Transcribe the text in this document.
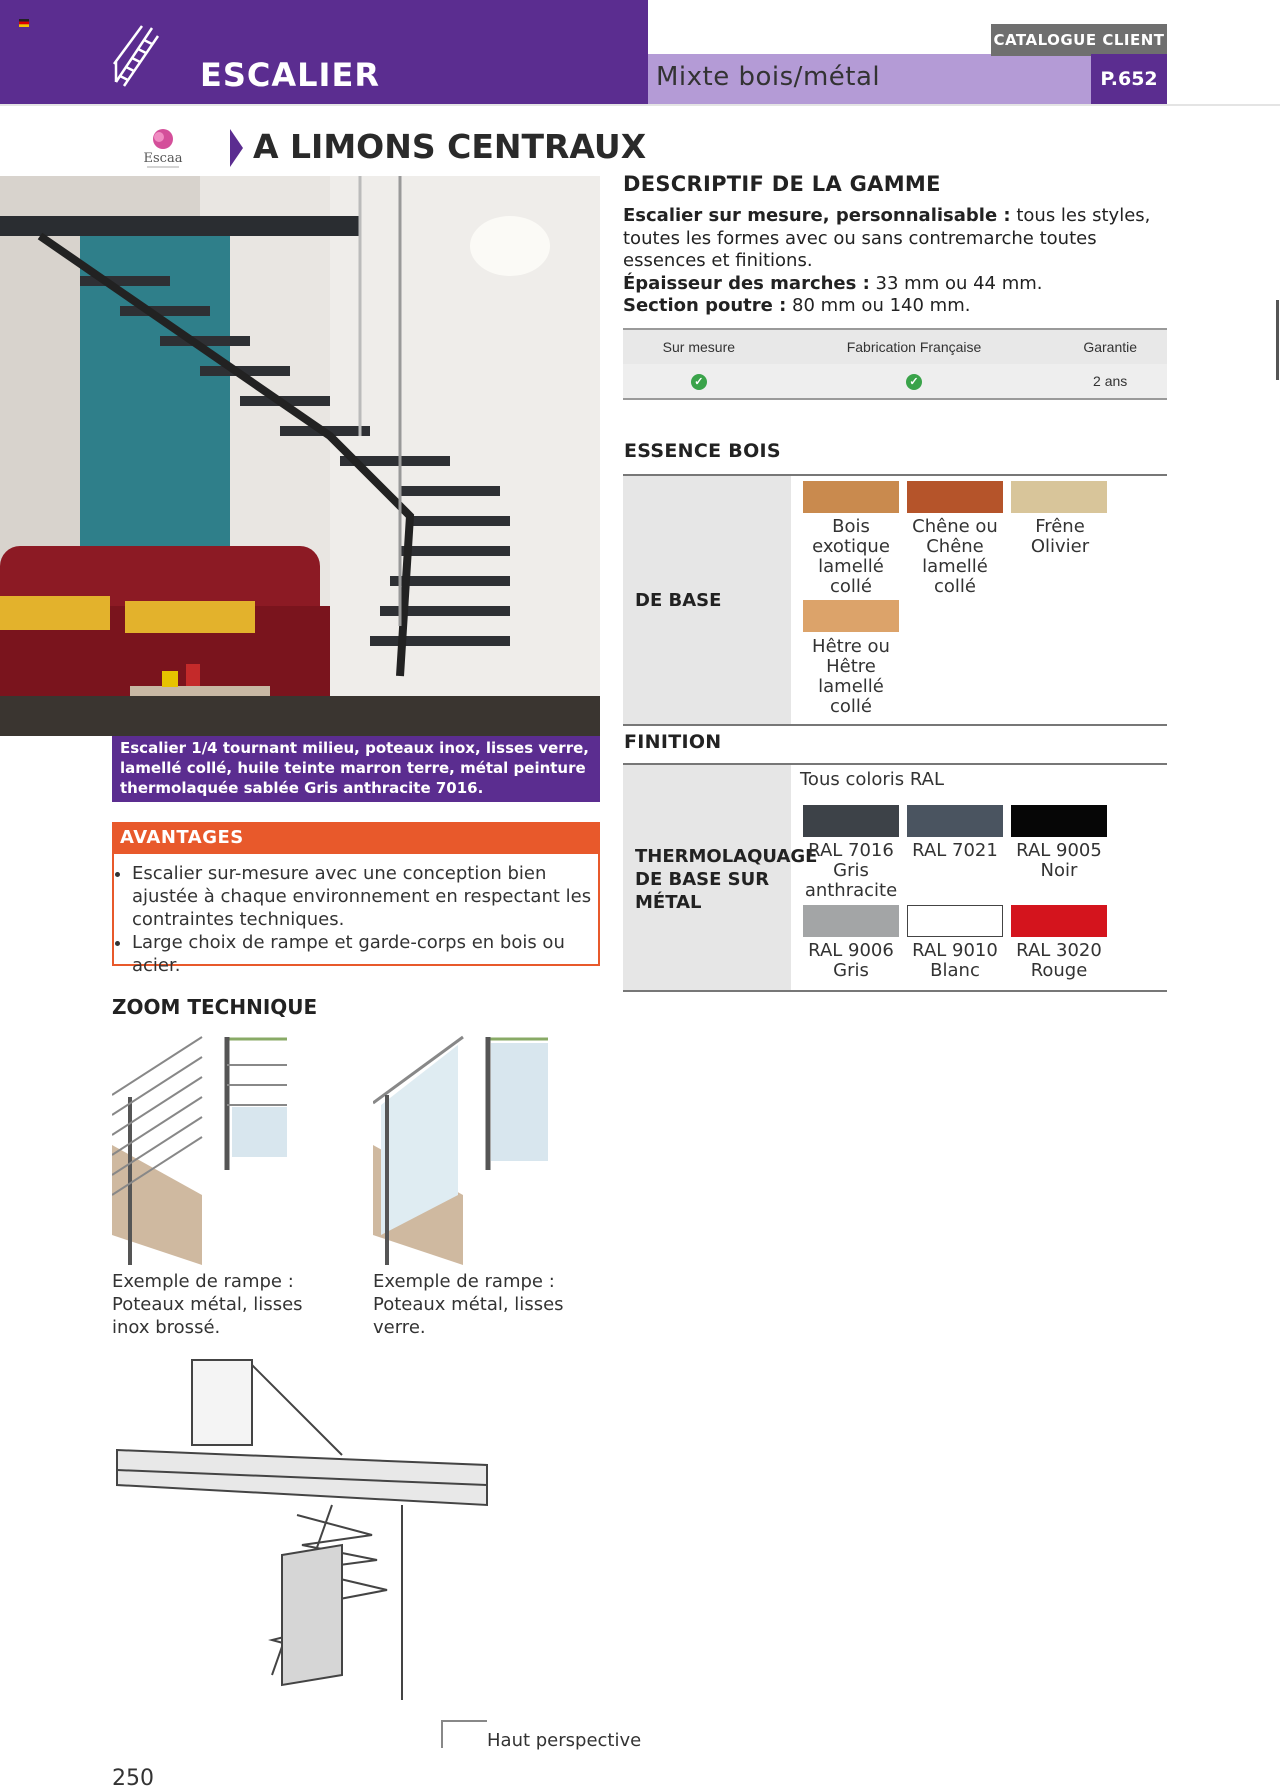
ESCALIER	Mixte bois/métal
CATALOGUE CLIENT
P.652
Escaa A LIMONS CENTRAUX
Escalier 1/4 tournant milieu, poteaux inox, lisses verre, lamellé collé, huile teinte marron terre, métal peinture thermolaquée sablée Gris anthracite 7016.
AVANTAGES
• Escalier sur-mesure avec une conception bien ajustée à chaque environnement en respectant les contraintes techniques.
• Large choix de rampe et garde-corps en bois ou acier.
ZOOM TECHNIQUE
Exemple de rampe : Poteaux métal, lisses inox brossé.
Exemple de rampe : Poteaux métal, lisses verre.
Haut perspective
250
DESCRIPTIF DE LA GAMME
Escalier sur mesure, personnalisable : tous les styles, toutes les formes avec ou sans contremarche toutes essences et finitions.
Épaisseur des marches : 33 mm ou 44 mm.
Section poutre : 80 mm ou 140 mm.
Sur mesure	Fabrication Française	Garantie
✓	✓	2 ans
ESSENCE BOIS
DE BASE
Bois exotique lamellé collé
Chêne ou Chêne lamellé collé
Frêne Olivier
Hêtre ou Hêtre lamellé collé
FINITION
THERMOLAQUAGE DE BASE SUR MÉTAL
Tous coloris RAL
RAL 7016 Gris anthracite
RAL 7021	RAL 9005 Noir
RAL 9006 Gris
RAL 9010 Blanc
RAL 3020 Rouge
